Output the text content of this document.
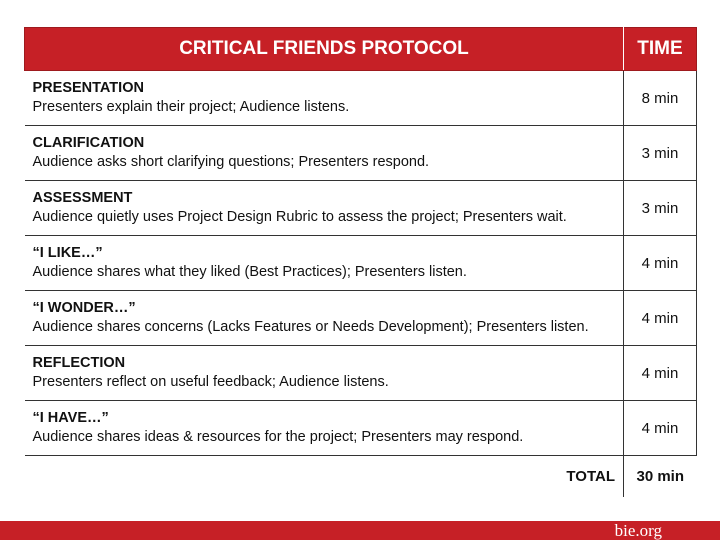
CRITICAL FRIENDS PROTOCOL	TIME

PRESENTATION
Presenters explain their project; Audience listens.	8 min

CLARIFICATION
Audience asks short clarifying questions; Presenters respond.	3 min

ASSESSMENT
Audience quietly uses Project Design Rubric to assess the project; Presenters wait.	3 min

“I LIKE…”
Audience shares what they liked (Best Practices); Presenters listen.	4 min

“I WONDER…”
Audience shares concerns (Lacks Features or Needs Development); Presenters listen.	4 min

REFLECTION
Presenters reflect on useful feedback; Audience listens.	4 min

“I HAVE…”
Audience shares ideas & resources for the project; Presenters may respond.	4 min
TOTAL	30 min
bie.org
